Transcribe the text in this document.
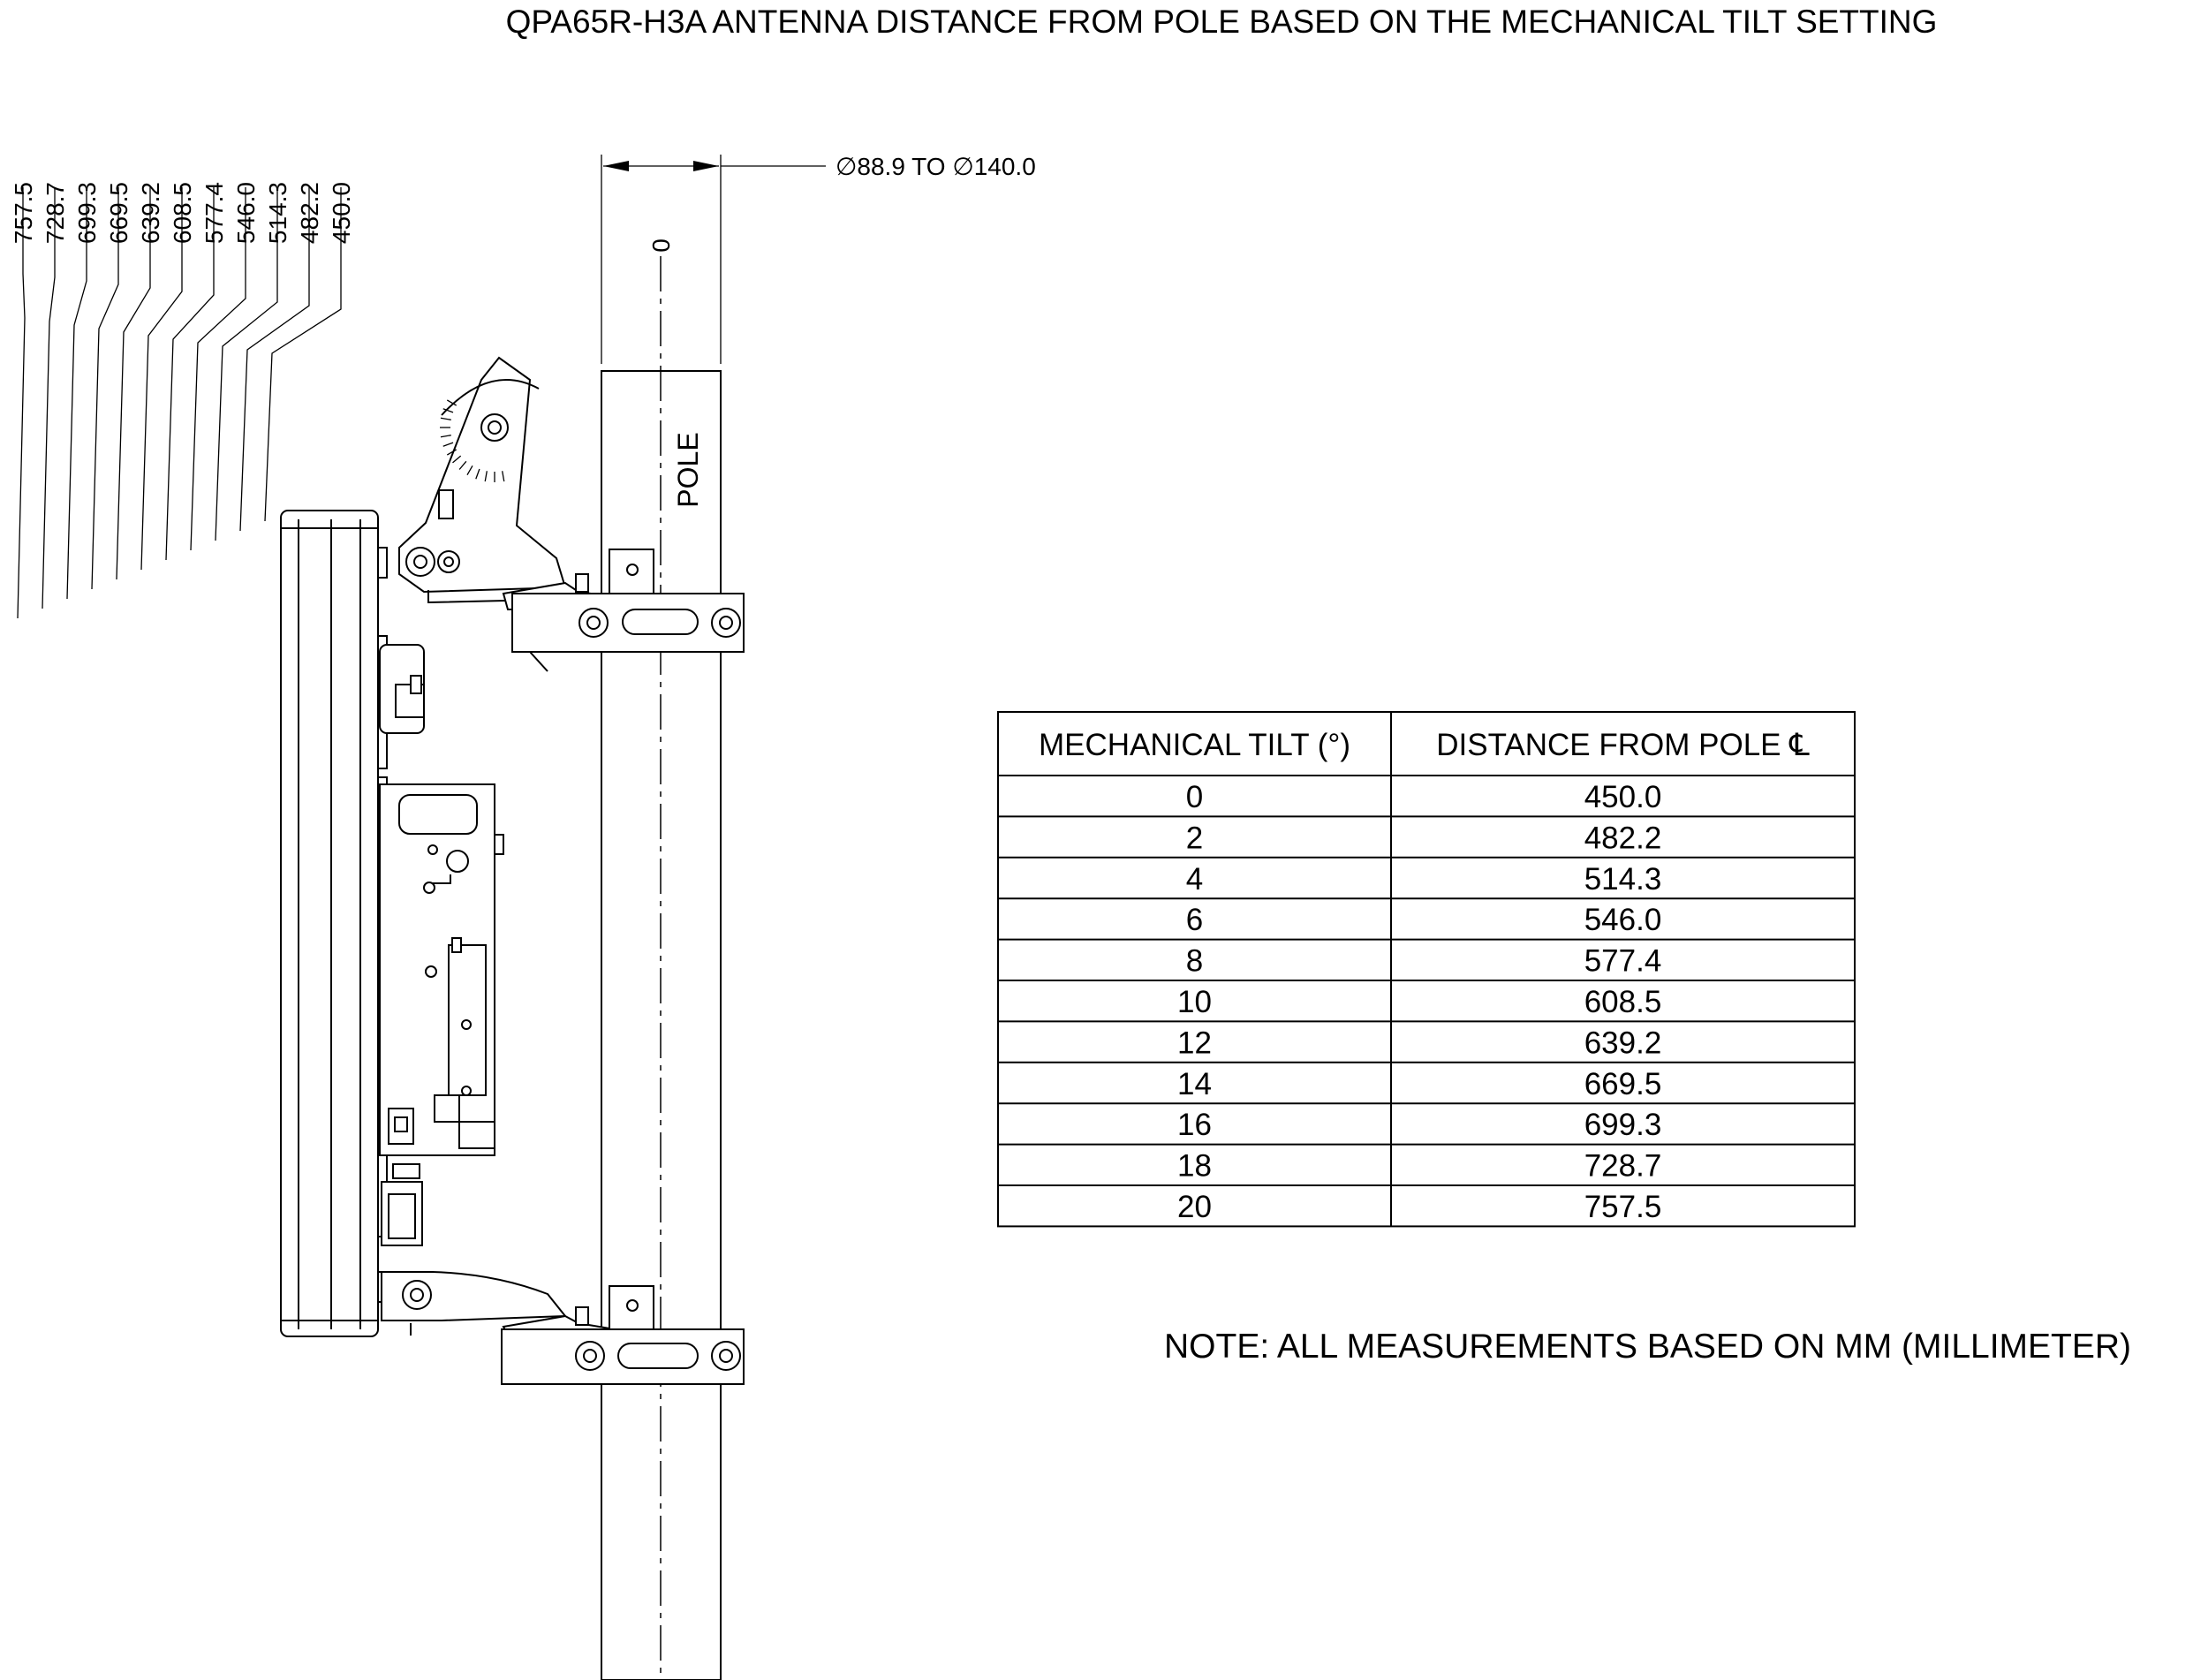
QPA65R-H3A ANTENNA DISTANCE FROM POLE BASED ON THE MECHANICAL TILT SETTING
∅88.9 TO ∅140.0
0
POLE
757.5 728.7 699.3 669.5 639.2 608.5 577.4 546.0 514.3 482.2 450.0
MECHANICAL TILT (°)	DISTANCE FROM POLE ℄
0	450.0
2	482.2
4	514.3
6	546.0
8	577.4
10	608.5
12	639.2
14	669.5
16	699.3
18	728.7
20	757.5
NOTE: ALL MEASUREMENTS BASED ON MM (MILLIMETER)
